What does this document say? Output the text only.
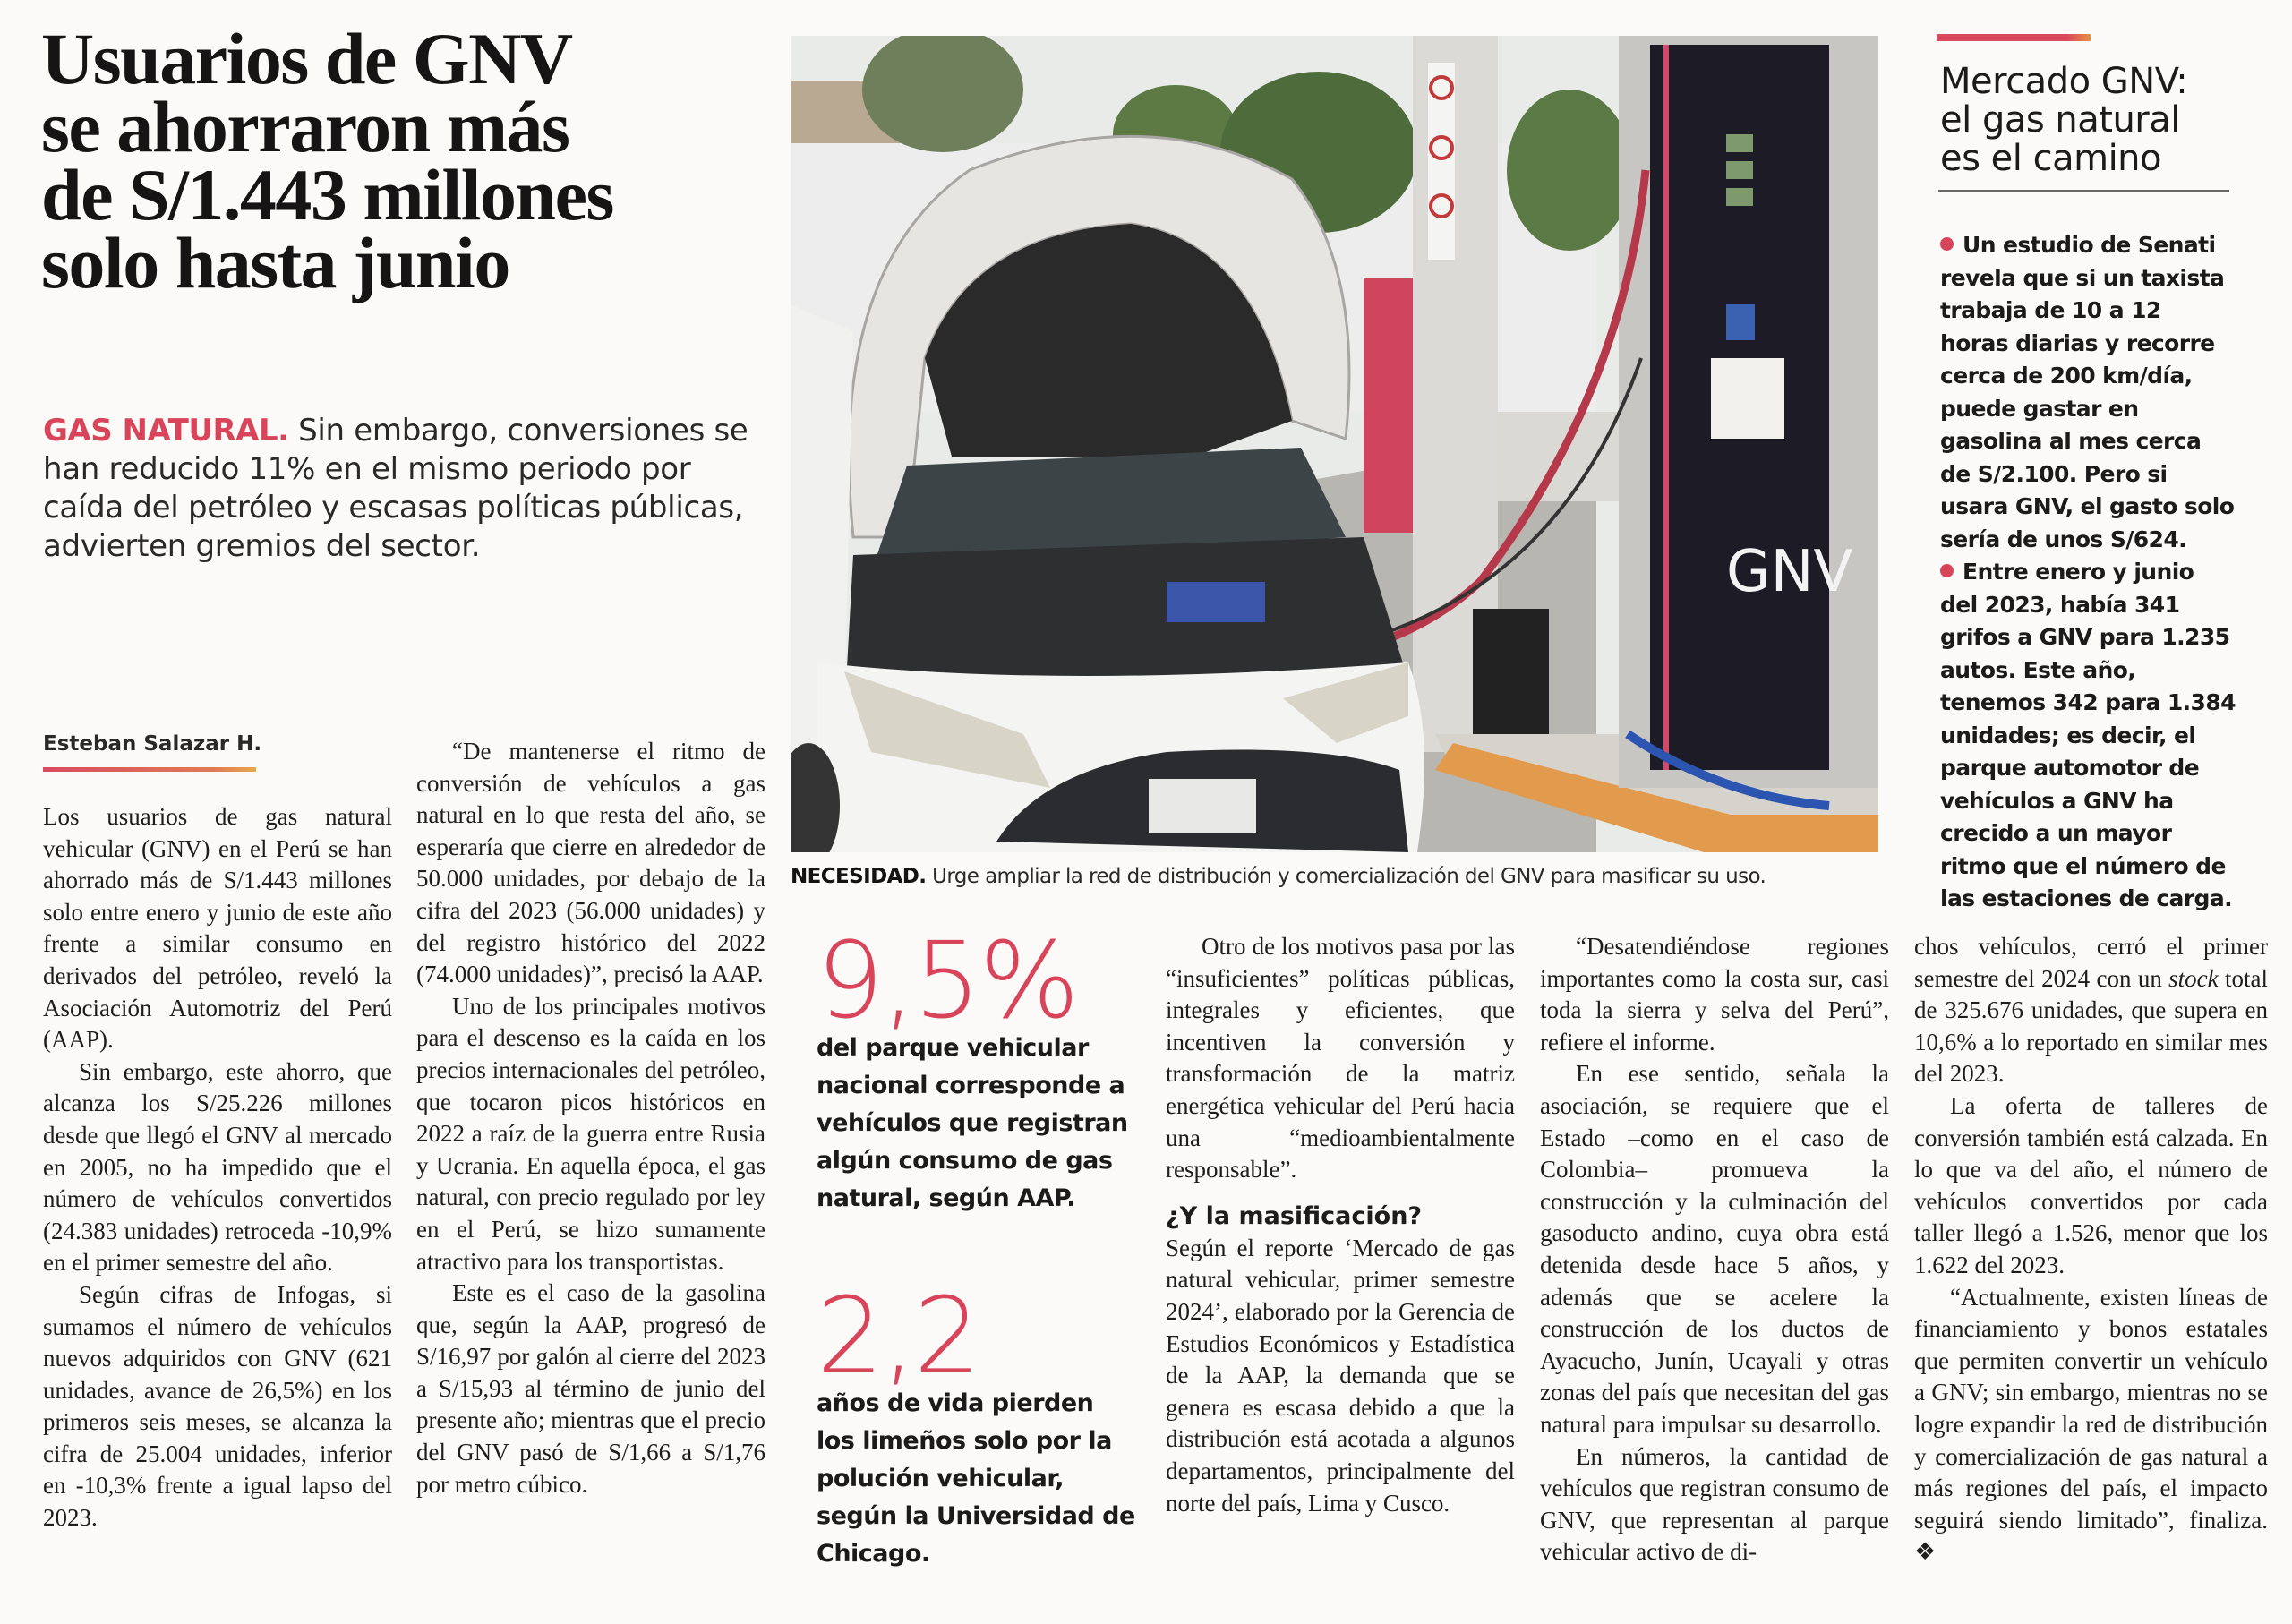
Usuarios de GNV
se ahorraron más
de S/1.443 millones
solo hasta junio
GAS NATURAL. Sin embargo, conversiones se han reducido 11% en el mismo periodo por caída del petróleo y escasas políticas públicas, advierten gremios del sector.
Esteban Salazar H.

Los usuarios de gas natural vehicular (GNV) en el Perú se han ahorrado más de S/1.443 millones solo entre enero y junio de este año frente a similar consumo en derivados del petróleo, reveló la Asociación Automotriz del Perú (AAP).

Sin embargo, este ahorro, que alcanza los S/25.226 millones desde que llegó el GNV al mercado en 2005, no ha impedido que el número de vehículos convertidos (24.383 unidades) retroceda -10,9% en el primer semestre del año.

Según cifras de Infogas, si sumamos el número de vehículos nuevos adquiridos con GNV (621 unidades, avance de 26,5%) en los primeros seis meses, se alcanza la cifra de 25.004 unidades, inferior en -10,3% frente a igual lapso del 2023.

“De mantenerse el ritmo de conversión de vehículos a gas natural en lo que resta del año, se esperaría que cierre en alrededor de 50.000 unidades, por debajo de la cifra del 2023 (56.000 unidades) y del registro histórico del 2022 (74.000 unidades)”, precisó la AAP.

Uno de los principales motivos para el descenso es la caída en los precios internacionales del petróleo, que tocaron picos históricos en 2022 a raíz de la guerra entre Rusia y Ucrania. En aquella época, el gas natural, con precio regulado por ley en el Perú, se hizo sumamente atractivo para los transportistas.

Este es el caso de la gasolina que, según la AAP, progresó de S/16,97 por galón al cierre del 2023 a S/15,93 al término de junio del presente año; mientras que el precio del GNV pasó de S/1,66 a S/1,76 por metro cúbico.

GNV
NECESIDAD. Urge ampliar la red de distribución y comercialización del GNV para masificar su uso.
9,5%
del parque vehicular nacional corresponde a vehículos que registran algún consumo de gas natural, según AAP.
2,2
años de vida pierden los limeños solo por la polución vehicular, según la Universidad de Chicago.

Otro de los motivos pasa por las “insuficientes” políticas públicas, integrales y eficientes, que incentiven la conversión y transformación de la matriz energética vehicular del Perú hacia una “medioambientalmente responsable”.

¿Y la masificación?

Según el reporte ‘Mercado de gas natural vehicular, primer semestre 2024’, elaborado por la Gerencia de Estudios Económicos y Estadística de la AAP, la demanda que se genera es escasa debido a que la distribución está acotada a algunos departamentos, principalmente del norte del país, Lima y Cusco.

“Desatendiéndose regiones importantes como la costa sur, casi toda la sierra y selva del Perú”, refiere el informe.

En ese sentido, señala la asociación, se requiere que el Estado –como en el caso de Colombia– promueva la construcción y la culminación del gasoducto andino, cuya obra está detenida desde hace 5 años, y además que se acelere la construcción de los ductos de Ayacucho, Junín, Ucayali y otras zonas del país que necesitan del gas natural para impulsar su desarrollo.

En números, la cantidad de vehículos que registran consumo de GNV, que representan al parque vehicular activo de di-

chos vehículos, cerró el primer semestre del 2024 con un stock total de 325.676 unidades, que supera en 10,6% a lo reportado en similar mes del 2023.

La oferta de talleres de conversión también está calzada. En lo que va del año, el número de vehículos convertidos por cada taller llegó a 1.526, menor que los 1.622 del 2023.

“Actualmente, existen líneas de financiamiento y bonos estatales que permiten convertir un vehículo a GNV; sin embargo, mientras no se logre expandir la red de distribución y comercialización de gas natural a más regiones del país, el impacto seguirá siendo limitado”, finaliza. ❖

Mercado GNV:
el gas natural
es el camino

Un estudio de Senati revela que si un taxista trabaja de 10 a 12 horas diarias y recorre cerca de 200 km/día, puede gastar en gasolina al mes cerca de S/2.100. Pero si usara GNV, el gasto solo sería de unos S/624.

Entre enero y junio del 2023, había 341 grifos a GNV para 1.235 autos. Este año, tenemos 342 para 1.384 unidades; es decir, el parque automotor de vehículos a GNV ha crecido a un mayor ritmo que el número de las estaciones de carga.
